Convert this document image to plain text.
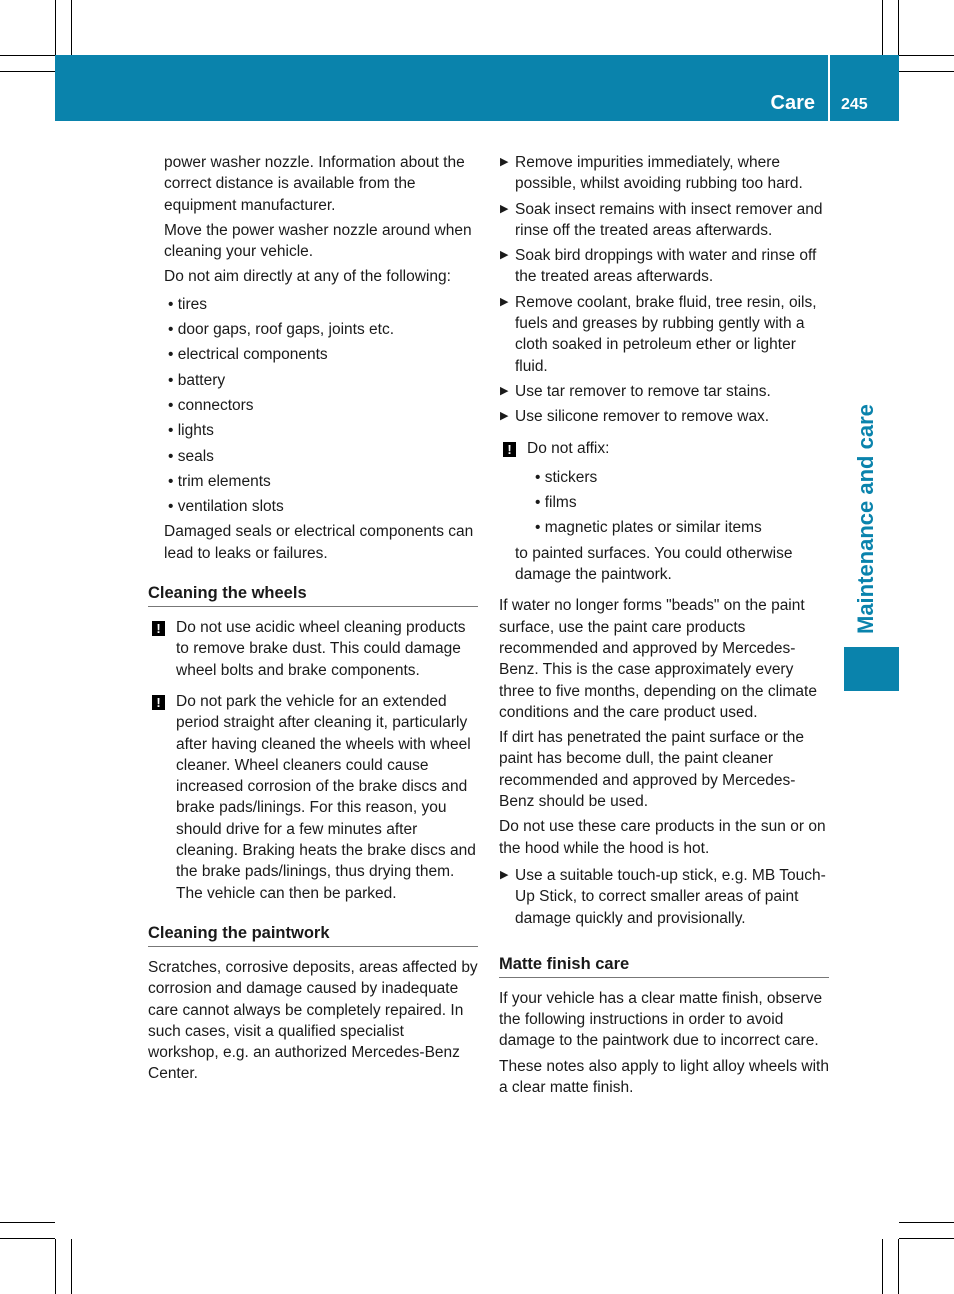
Care 245
Maintenance and care

power washer nozzle. Information about the correct distance is available from the equipment manufacturer.

Move the power washer nozzle around when cleaning your vehicle.

Do not aim directly at any of the following:

• tires
• door gaps, roof gaps, joints etc.
• electrical components
• battery
• connectors
• lights
• seals
• trim elements
• ventilation slots

Damaged seals or electrical components can lead to leaks or failures.

Cleaning the wheels
! Do not use acidic wheel cleaning products to remove brake dust. This could damage wheel bolts and brake components.
! Do not park the vehicle for an extended period straight after cleaning it, particularly after having cleaned the wheels with wheel cleaner. Wheel cleaners could cause increased corrosion of the brake discs and brake pads/linings. For this reason, you should drive for a few minutes after cleaning. Braking heats the brake discs and the brake pads/linings, thus drying them. The vehicle can then be parked.
Cleaning the paintwork

Scratches, corrosive deposits, areas affected by corrosion and damage caused by inadequate care cannot always be completely repaired. In such cases, visit a qualified specialist workshop, e.g. an authorized Mercedes-Benz Center.

▶ Remove impurities immediately, where possible, whilst avoiding rubbing too hard.
▶ Soak insect remains with insect remover and rinse off the treated areas afterwards.
▶ Soak bird droppings with water and rinse off the treated areas afterwards.
▶ Remove coolant, brake fluid, tree resin, oils, fuels and greases by rubbing gently with a cloth soaked in petroleum ether or lighter fluid.
▶ Use tar remover to remove tar stains.
▶ Use silicone remover to remove wax.
! Do not affix:
• stickers
• films
• magnetic plates or similar items

to painted surfaces. You could otherwise damage the paintwork.

If water no longer forms "beads" on the paint surface, use the paint care products recommended and approved by Mercedes-Benz. This is the case approximately every three to five months, depending on the climate conditions and the care product used.

If dirt has penetrated the paint surface or the paint has become dull, the paint cleaner recommended and approved by Mercedes-Benz should be used.

Do not use these care products in the sun or on the hood while the hood is hot.

▶ Use a suitable touch-up stick, e.g. MB Touch-Up Stick, to correct smaller areas of paint damage quickly and provisionally.
Matte finish care

If your vehicle has a clear matte finish, observe the following instructions in order to avoid damage to the paintwork due to incorrect care.

These notes also apply to light alloy wheels with a clear matte finish.
